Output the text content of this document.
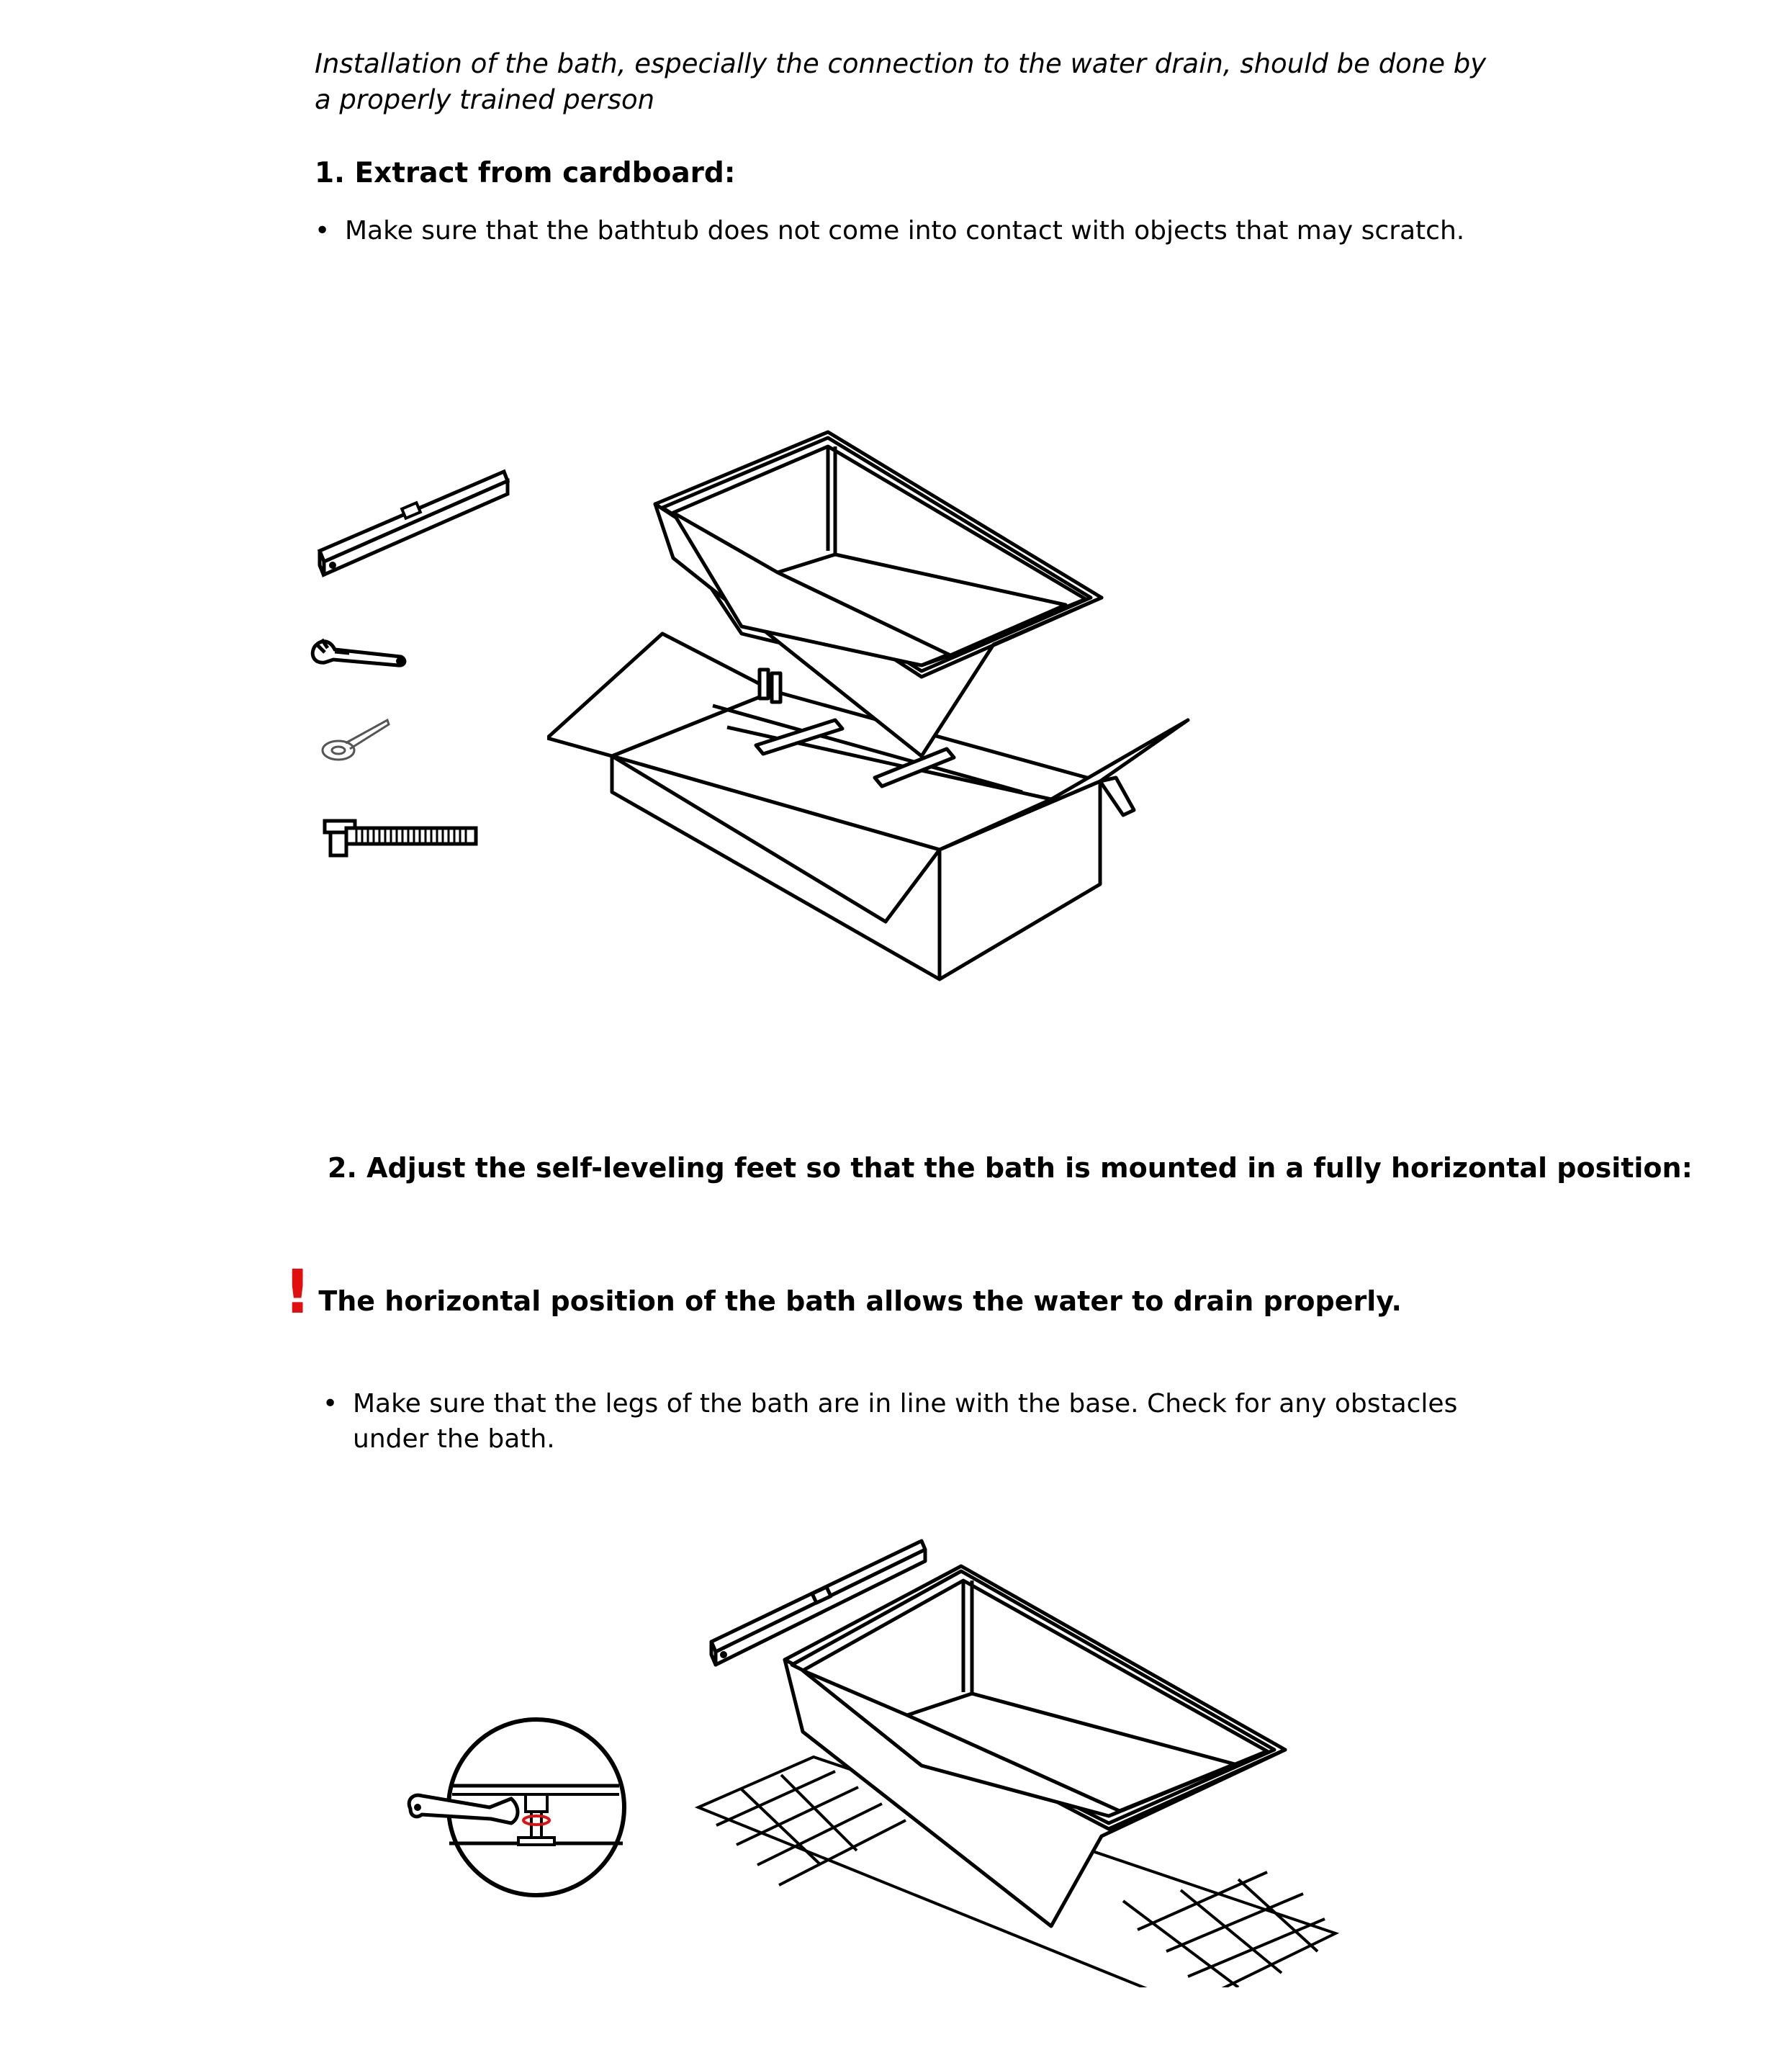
Installation of the bath, especially the connection to the water drain, should be done by a properly trained person
1. Extract from cardboard:
• Make sure that the bathtub does not come into contact with objects that may scratch.
2. Adjust the self-leveling feet so that the bath is mounted in a fully horizontal position:
! The horizontal position of the bath allows the water to drain properly.
• Make sure that the legs of the bath are in line with the base. Check for any obstacles under the bath.
